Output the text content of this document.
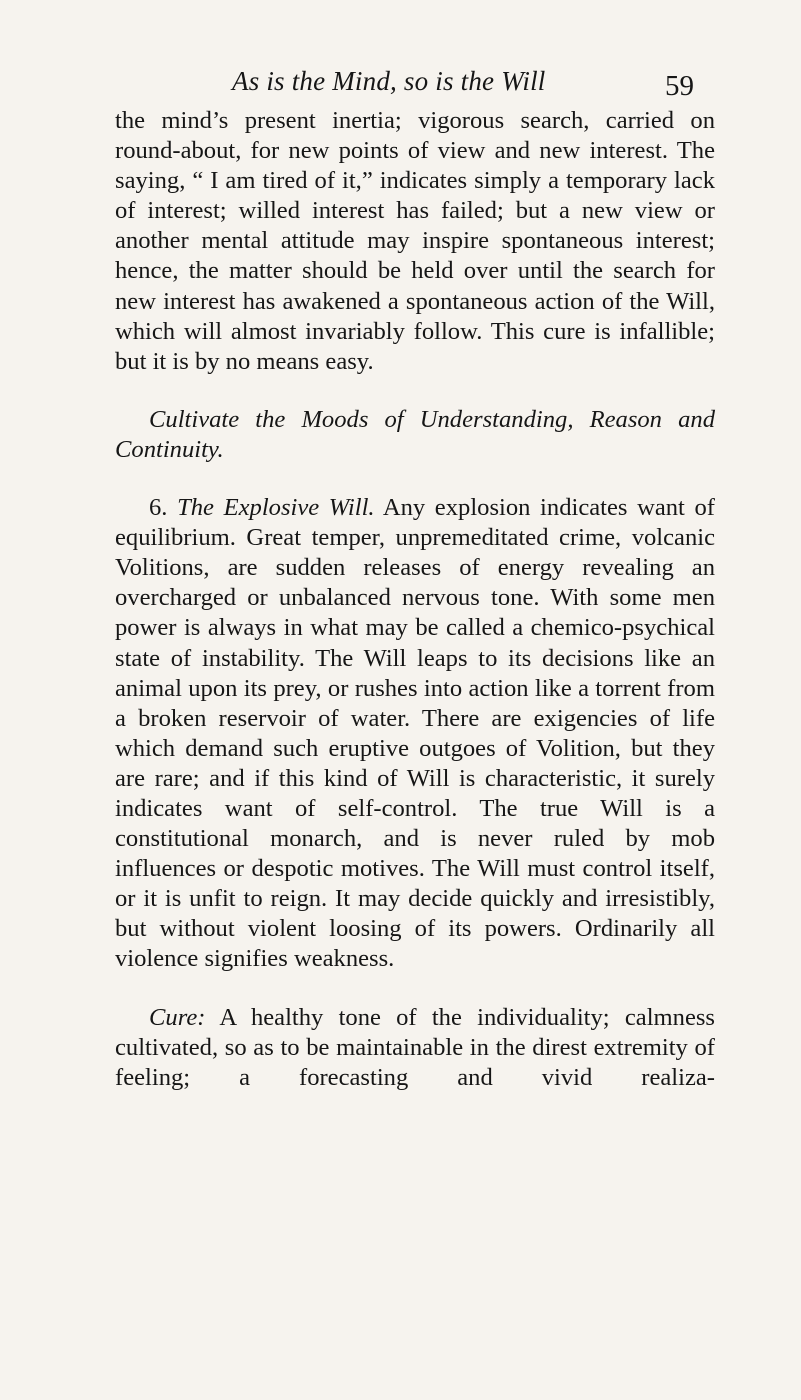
As is the Mind, so is the Will	59

the mind’s present inertia; vigorous search, carried on round-about, for new points of view and new interest. The saying, “ I am tired of it,” indicates simply a temporary lack of interest; willed interest has failed; but a new view or another mental attitude may inspire spontaneous interest; hence, the matter should be held over until the search for new interest has awakened a spontaneous action of the Will, which will almost invariably follow. This cure is infallible; but it is by no means easy.

Cultivate the Moods of Understanding, Reason and Continuity.

6. The Explosive Will. Any explosion indicates want of equilibrium. Great temper, unpremeditated crime, volcanic Volitions, are sudden releases of energy revealing an overcharged or unbalanced nervous tone. With some men power is always in what may be called a chemico-psychical state of instability. The Will leaps to its decisions like an animal upon its prey, or rushes into action like a torrent from a broken reservoir of water. There are exigencies of life which demand such eruptive outgoes of Volition, but they are rare; and if this kind of Will is characteristic, it surely indicates want of self-control. The true Will is a constitutional monarch, and is never ruled by mob influences or despotic motives. The Will must control itself, or it is unfit to reign. It may decide quickly and irresistibly, but without violent loosing of its powers. Ordinarily all violence signifies weakness.

Cure: A healthy tone of the individuality; calmness cultivated, so as to be maintainable in the direst extremity of feeling; a forecasting and vivid realiza-
